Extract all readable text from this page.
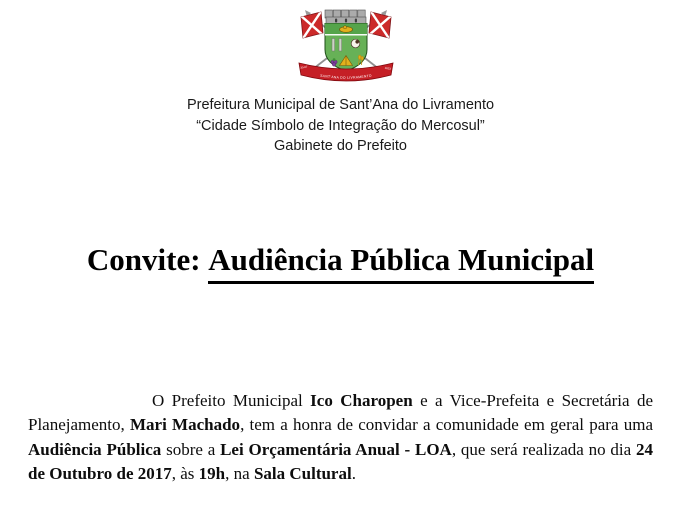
SANT’ANA DO LIVRAMENTO
30-07	1823
Prefeitura Municipal de Sant’Ana do Livramento
“Cidade Símbolo de Integração do Mercosul”
Gabinete do Prefeito
Convite: Audiência Pública Municipal

O Prefeito Municipal Ico Charopen e a Vice-Prefeita e Secretária de Planejamento, Mari Machado, tem a honra de convidar a comunidade em geral para uma Audiência Pública sobre a Lei Orçamentária Anual - LOA, que será realizada no dia 24 de Outubro de 2017, às 19h, na Sala Cultural.
